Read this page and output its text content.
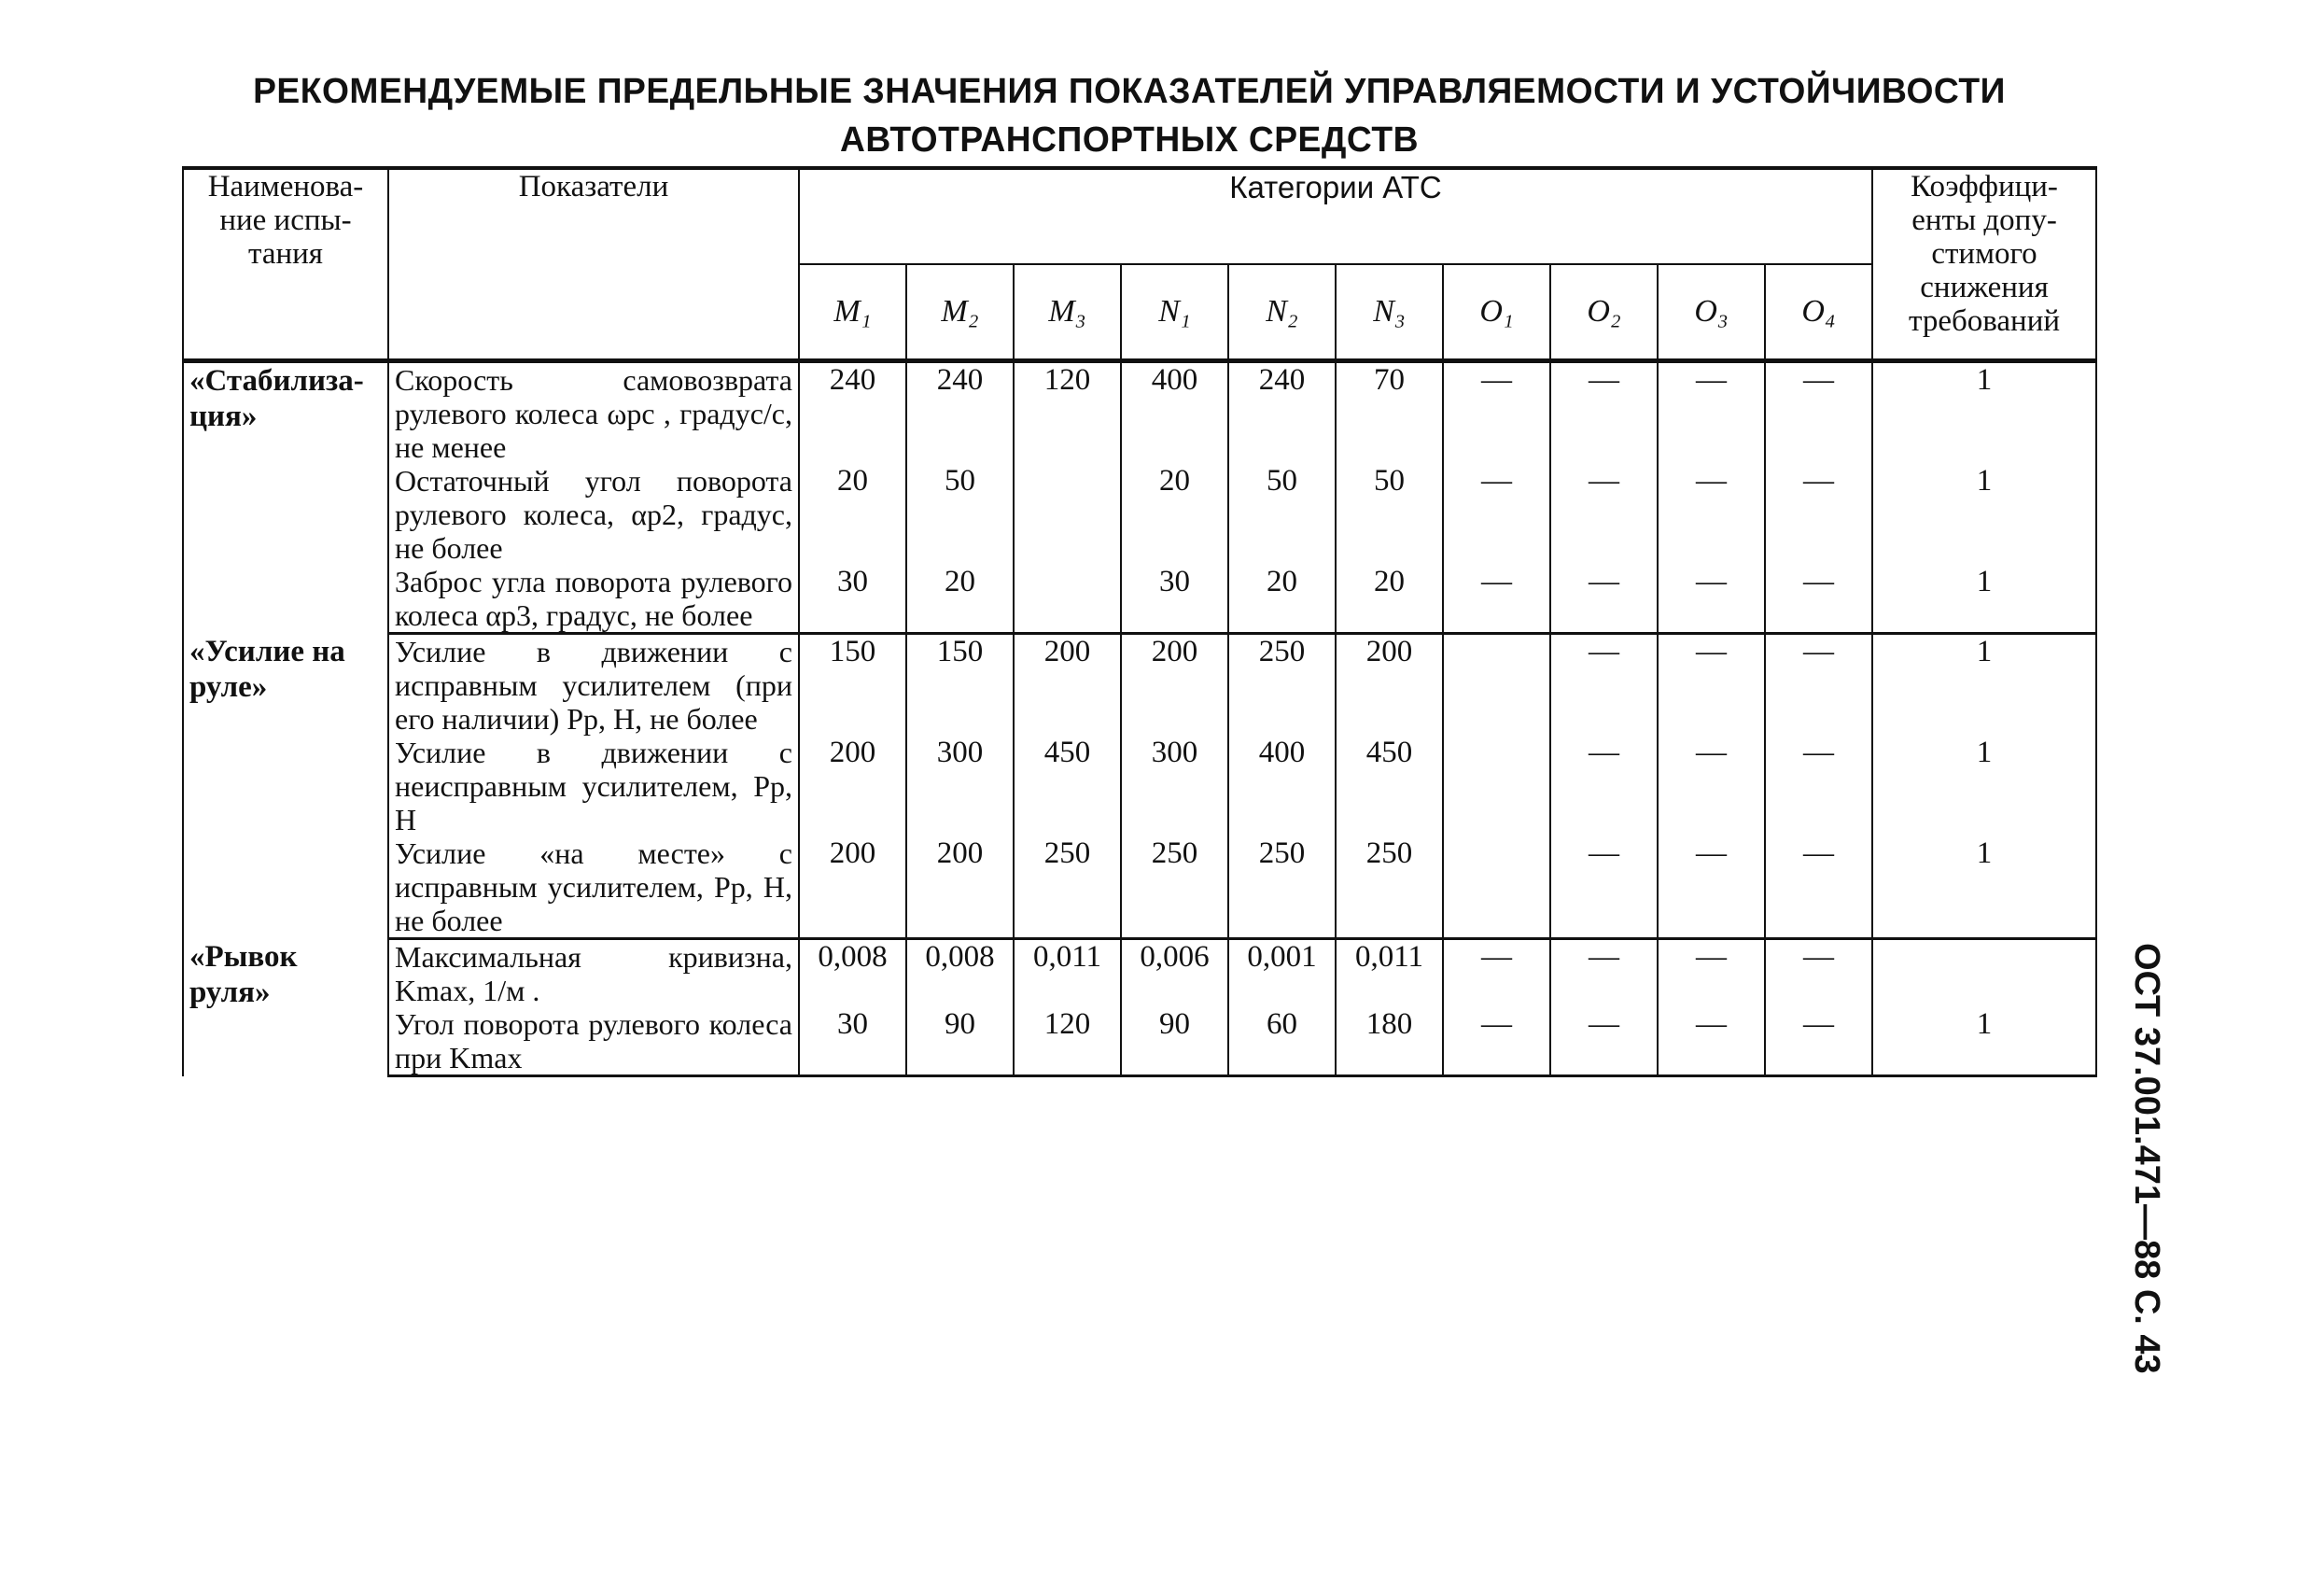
РЕКОМЕНДУЕМЫЕ ПРЕДЕЛЬНЫЕ ЗНАЧЕНИЯ ПОКАЗАТЕЛЕЙ УПРАВЛЯЕМОСТИ И УСТОЙЧИВОСТИ
АВТОТРАНСПОРТНЫХ СРЕДСТВ
Наименова-ние испы-тания	Показатели	Категории АТС										Коэффици-енты допу-стимого снижения требований
		M₁	M₂	M₃	N₁	N₂	N₃	O₁	O₂	O₃	O₄	
«Стабилиза-ция»	Скорость самовозврата рулевого колеса ωрс , градус/с, не менее	240	240	120	400	240	70	—	—	—	—	1
	Остаточный угол поворота рулевого колеса, αр2, градус, не более	20	50		20	50	50	—	—	—	—	1
	Заброс угла поворота рулевого колеса αр3, градус, не более	30	20		30	20	20	—	—	—	—	1
«Усилие на руле»	Усилие в движении с исправным усилителем (при его наличии) Pр, Н, не более	150	150	200	200	250	200		—	—	—	1
	Усилие в движении с неисправным усилителем, Pр, Н	200	300	450	300	400	450		—	—	—	1
	Усилие «на месте» с исправным усилителем, Pр, Н, не более	200	200	250	250	250	250		—	—	—	1
«Рывок руля»	Максимальная кривизна, Kmax, 1/м .	0,008	0,008	0,011	0,006	0,001	0,011	—	—	—	—	
	Угол поворота рулевого колеса при Kmax	30	90	120	90	60	180	—	—	—	—	1	ОСТ 37.001.471—88 С. 43
